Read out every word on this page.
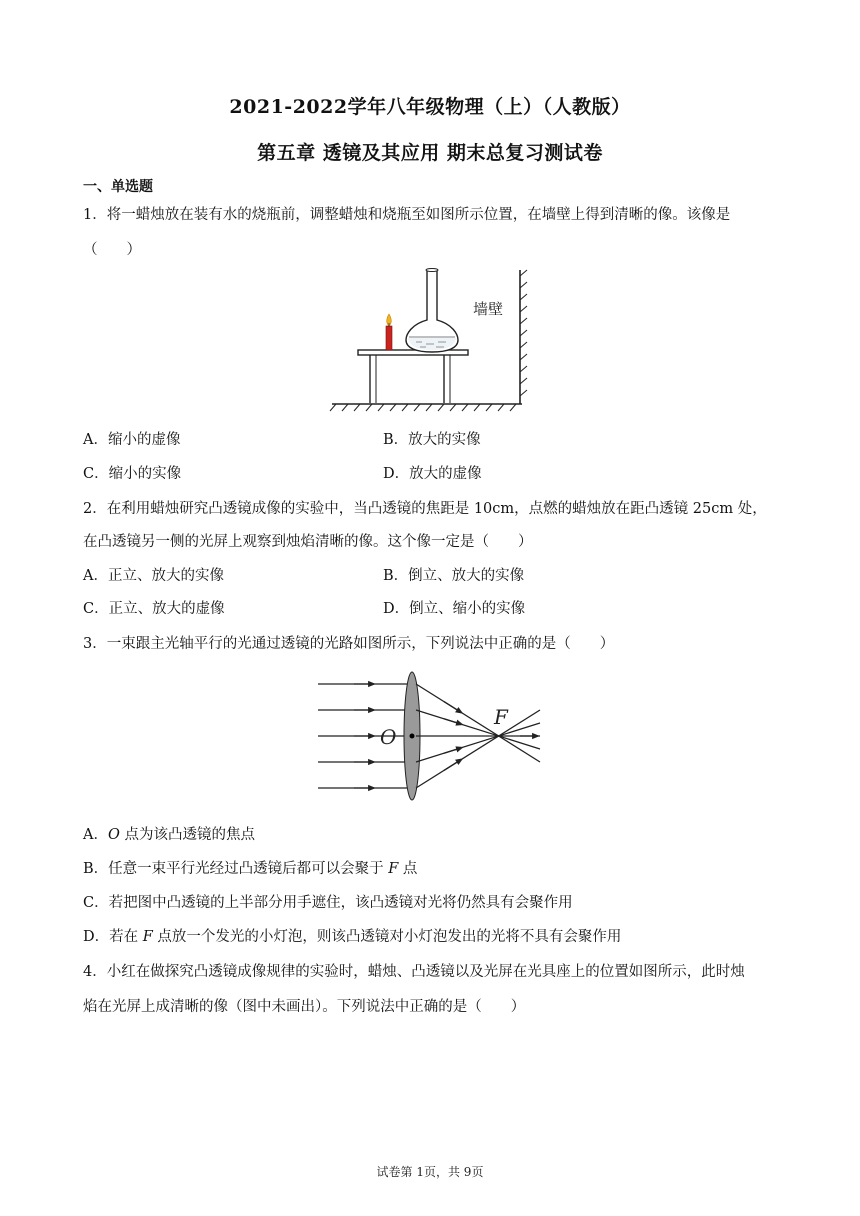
2021-2022学年八年级物理（上）（人教版）
第五章 透镜及其应用 期末总复习测试卷
一、单选题
1．将一蜡烛放在装有水的烧瓶前，调整蜡烛和烧瓶至如图所示位置，在墙壁上得到清晰的像。该像是
（　　）
墙壁
A．缩小的虚像	B．放大的实像
C．缩小的实像	D．放大的虚像
2．在利用蜡烛研究凸透镜成像的实验中，当凸透镜的焦距是 10cm，点燃的蜡烛放在距凸透镜 25cm 处，
在凸透镜另一侧的光屏上观察到烛焰清晰的像。这个像一定是（　　）
A．正立、放大的实像	B．倒立、放大的实像
C．正立、放大的虚像	D．倒立、缩小的实像
3．一束跟主光轴平行的光通过透镜的光路如图所示，下列说法中正确的是（　　）
O
F
A．O 点为该凸透镜的焦点
B．任意一束平行光经过凸透镜后都可以会聚于 F 点
C．若把图中凸透镜的上半部分用手遮住，该凸透镜对光将仍然具有会聚作用
D．若在 F 点放一个发光的小灯泡，则该凸透镜对小灯泡发出的光将不具有会聚作用
4．小红在做探究凸透镜成像规律的实验时，蜡烛、凸透镜以及光屏在光具座上的位置如图所示，此时烛
焰在光屏上成清晰的像（图中未画出）。下列说法中正确的是（　　）
试卷第 1页，共 9页
